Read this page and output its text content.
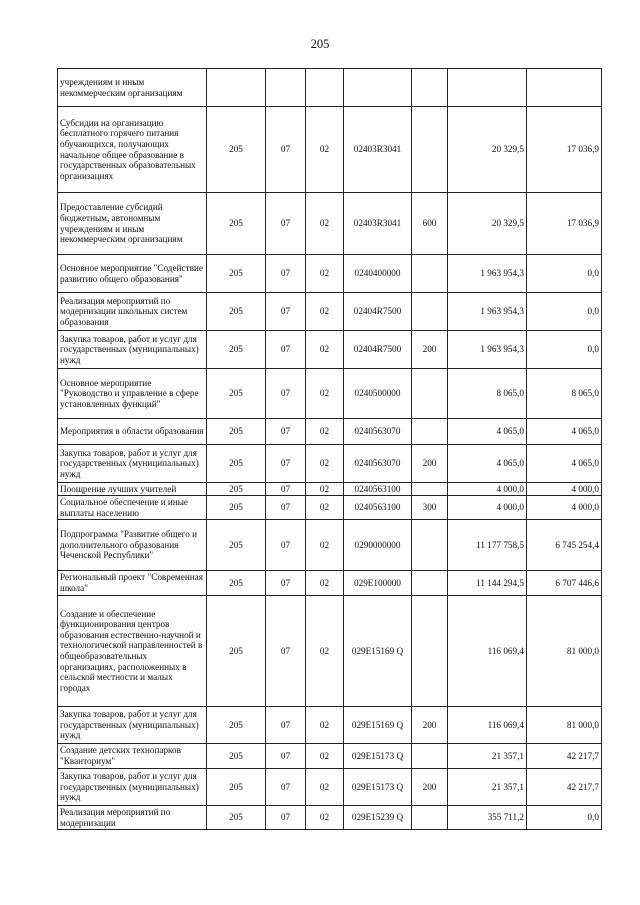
205
учреждениям и иным некоммерческим организациям							
Субсидии на организацию бесплатного горячего питания обучающихся, получающих начальное общее образование в государственных образовательных организациях	205	07	02	02403R3041		20 329,5	17 036,9
Предоставление субсидий бюджетным, автономным учреждениям и иным некоммерческим организациям	205	07	02	02403R3041	600	20 329,5	17 036,9
Основное мероприятие "Содействие развитию общего образования"	205	07	02	0240400000		1 963 954,3	0,0
Реализация мероприятий по модернизации школьных систем образования	205	07	02	02404R7500		1 963 954,3	0,0
Закупка товаров, работ и услуг для государственных (муниципальных) нужд	205	07	02	02404R7500	200	1 963 954,3	0,0
Основное мероприятие "Руководство и управление в сфере установленных функций"	205	07	02	0240500000		8 065,0	8 065,0
Мероприятия в области образования	205	07	02	0240563070		4 065,0	4 065,0
Закупка товаров, работ и услуг для государственных (муниципальных) нужд	205	07	02	0240563070	200	4 065,0	4 065,0
Поощрение лучших учителей	205	07	02	0240563100		4 000,0	4 000,0
Социальное обеспечение и иные выплаты населению	205	07	02	0240563100	300	4 000,0	4 000,0
Подпрограмма "Развитие общего и дополнительного образования Чеченской Республики"	205	07	02	0290000000		11 177 758,5	6 745 254,4
Региональный проект "Современная школа"	205	07	02	029E100000		11 144 294,5	6 707 446,6
Создание и обеспечение функционирования центров образования естественно-научной и технологической направленностей в общеобразовательных организациях, расположенных в сельской местности и малых городах	205	07	02	029E15169 Q		116 069,4	81 000,0
Закупка товаров, работ и услуг для государственных (муниципальных) нужд	205	07	02	029E15169 Q	200	116 069,4	81 000,0
Создание детских технопарков "Кванториум"	205	07	02	029E15173 Q		21 357,1	42 217,7
Закупка товаров, работ и услуг для государственных (муниципальных) нужд	205	07	02	029E15173 Q	200	21 357,1	42 217,7
Реализация мероприятий по модернизации	205	07	02	029E15239 Q		355 711,2	0,0
